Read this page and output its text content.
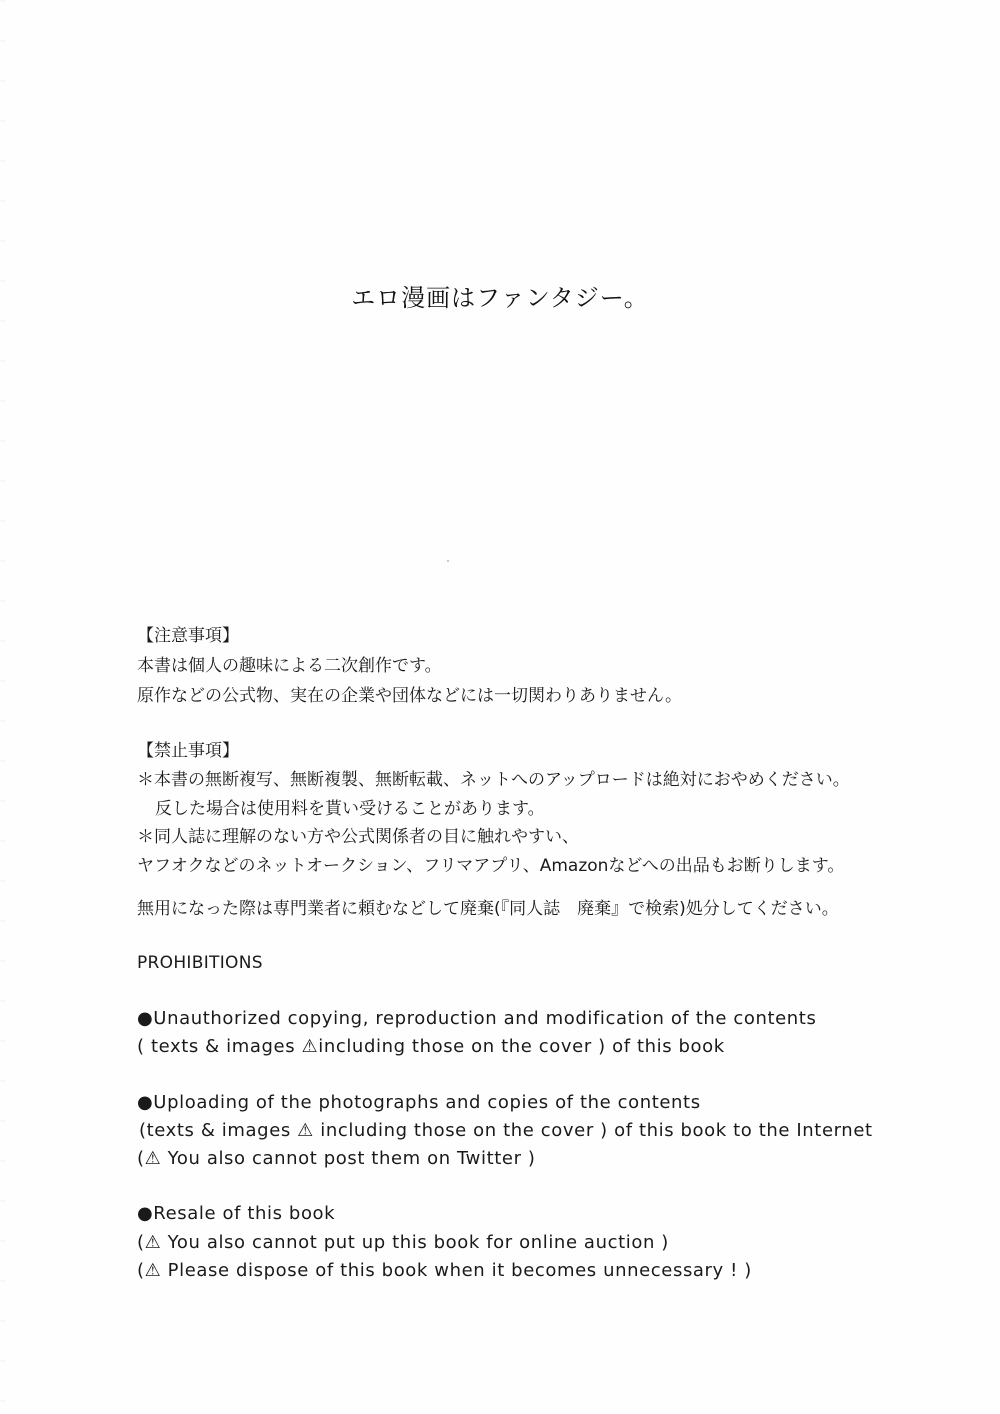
エロ漫画はファンタジー。
【注意事項】
本書は個人の趣味による二次創作です。
原作などの公式物、実在の企業や団体などには一切関わりありません。
【禁止事項】
＊本書の無断複写、無断複製、無断転載、ネットへのアップロードは絶対におやめください。
反した場合は使用料を貰い受けることがあります。
＊同人誌に理解のない方や公式関係者の目に触れやすい、
ヤフオクなどのネットオークション、フリマアプリ、Amazonなどへの出品もお断りします。
無用になった際は専門業者に頼むなどして廃棄(『同人誌　廃棄』で検索)処分してください。
PROHIBITIONS
●Unauthorized copying, reproduction and modification of the contents
( texts & images ⚠including those on the cover ) of this book
●Uploading of the photographs and copies of the contents
(texts & images ⚠ including those on the cover ) of this book to the Internet
(⚠ You also cannot post them on Twitter )
●Resale of this book
(⚠ You also cannot put up this book for online auction )
(⚠ Please dispose of this book when it becomes unnecessary ! )
